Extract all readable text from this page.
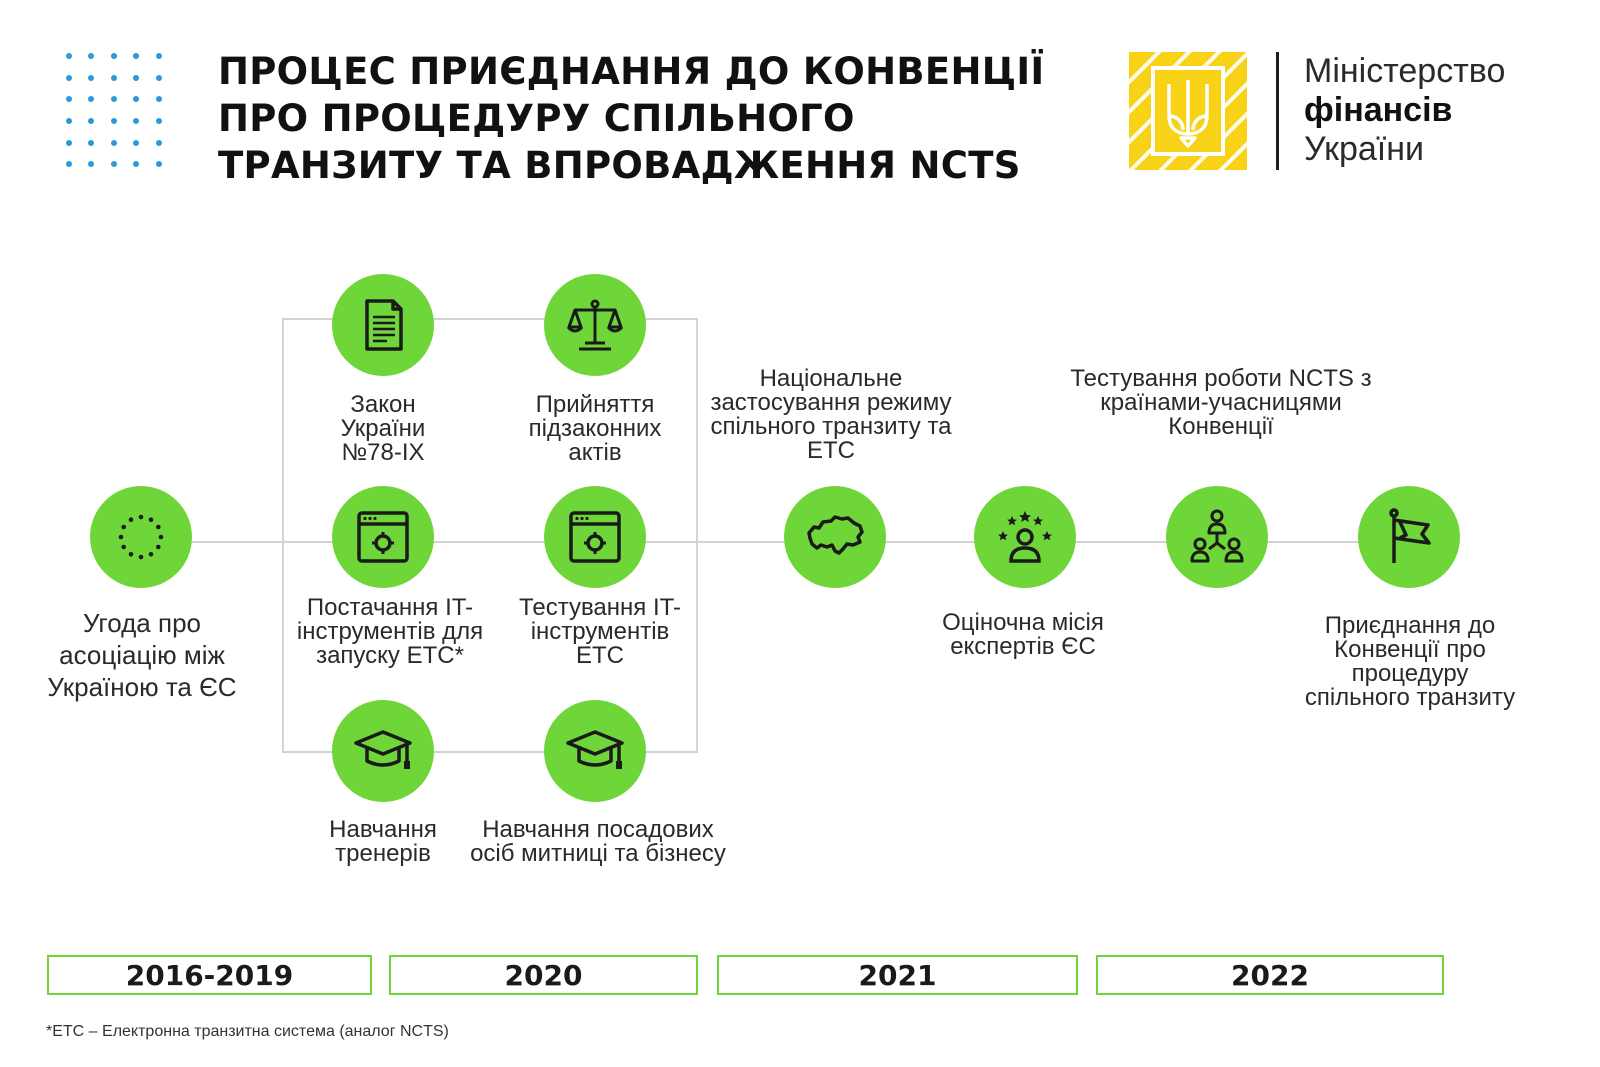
ПРОЦЕС ПРИЄДНАННЯ ДО КОНВЕНЦІЇ
ПРО ПРОЦЕДУРУ СПІЛЬНОГО
ТРАНЗИТУ ТА ВПРОВАДЖЕННЯ NCTS
Міністерство
фінансів
України
Угода про асоціацію між Україною та ЄС
Закон України №78-IX
Прийняття підзаконних актів
Постачання IT-інструментів для запуску ЕТС*
Тестування IT-інструментів ЕТС
Навчання тренерів
Навчання посадових осіб митниці та бізнесу
Національне застосування режиму спільного транзиту та ЕТС
Оціночна місія експертів ЄС
Тестування роботи NCTS з країнами-учасницями Конвенції
Приєднання до Конвенції про процедуру спільного транзиту
2016-2019	2020	2021	2022
*ЕТС – Електронна транзитна система (аналог NCTS)
